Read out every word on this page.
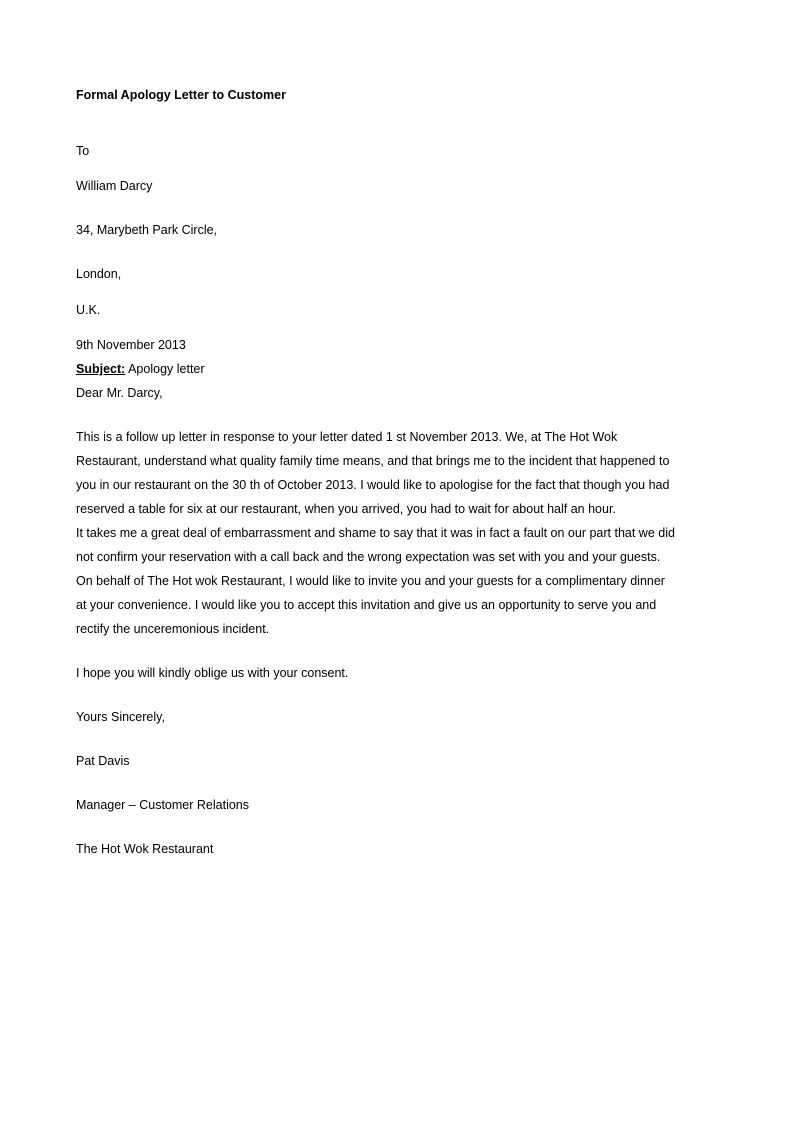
Formal Apology Letter to Customer
To
William Darcy
34, Marybeth Park Circle,
London,
U.K.
9th November 2013
Subject: Apology letter
Dear Mr. Darcy,
This is a follow up letter in response to your letter dated 1 st November 2013. We, at The Hot Wok
Restaurant, understand what quality family time means, and that brings me to the incident that happened to
you in our restaurant on the 30 th of October 2013. I would like to apologise for the fact that though you had
reserved a table for six at our restaurant, when you arrived, you had to wait for about half an hour.
It takes me a great deal of embarrassment and shame to say that it was in fact a fault on our part that we did
not confirm your reservation with a call back and the wrong expectation was set with you and your guests.
On behalf of The Hot wok Restaurant, I would like to invite you and your guests for a complimentary dinner
at your convenience. I would like you to accept this invitation and give us an opportunity to serve you and
rectify the unceremonious incident.
I hope you will kindly oblige us with your consent.
Yours Sincerely,
Pat Davis
Manager – Customer Relations
The Hot Wok Restaurant
